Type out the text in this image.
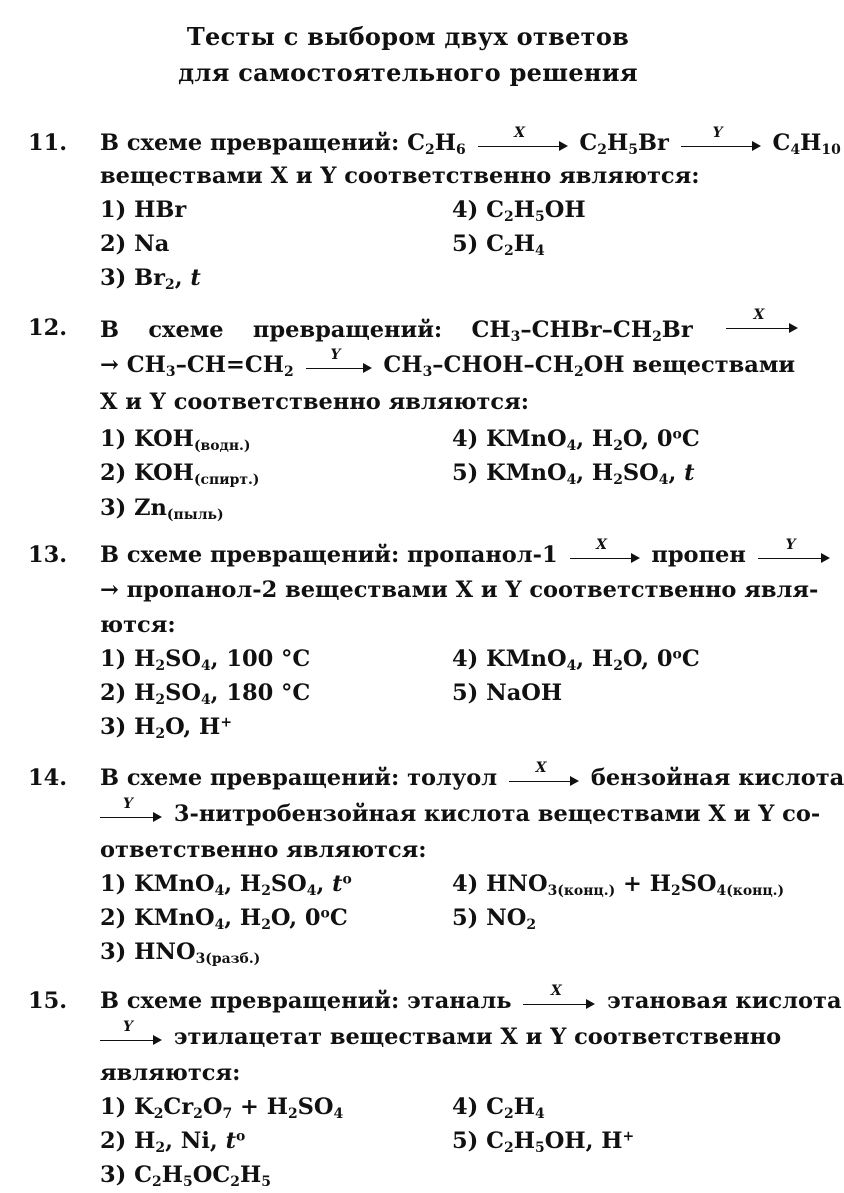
Тесты с выбором двух ответов
для самостоятельного решения
11. В схеме превращений: $C_2H_6$
X	$C_2H_5Br$	Y	$C_4H_{10}$
веществами X и Y соответственно являются:
1) HBr
2) Na
3) $Br_2$, t
4) $C_2H_5OH$
5) $C_2H_4$
12. В схеме превращений: $CH_3-CHBr-CH_2Br$
X
→ $CH_3-CH=CH_2$
Y	$CH_3-CHOH-CH_2OH$ веществами
X и Y соответственно являются:
1) $KOH_{(водн.)}$
2) $KOH_{(спирт.)}$
3) $Zn_{(пыль)}$
4) KMnO$_4$, $H_2O$, 0$^o$C
5) KMnO$_4$, $H_2SO_4$, t
13. В схеме превращений: пропанол-1	X	пропен	Y
→ пропанол-2 веществами X и Y соответственно явля-
ются:
1) $H_2SO_4$, 100 °C
2) $H_2SO_4$, 180 °C
3) $H_2O$, H+
4) KMnO$_4$, $H_2O$, 0$^o$C
5) NaOH
14. В схеме превращений: толуол	X	бензойная кислота
Y	3-нитробензойная кислота веществами X и Y со-
ответственно являются:
1) KMnO$_4$, $H_2SO_4$, $t^o$
2) KMnO$_4$, $H_2O$, 0$^o$C
3) $HNO_{3(разб.)}$
4) $HNO_{3(конц.)} + H_2SO_{4(конц.)}$
5) $NO_2$
15. В схеме превращений: этаналь	X	этановая кислота
Y	этилацетат веществами X и Y соответственно
являются:
1) $K_2Cr_2O_7 + H_2SO_4$
2) $H_2$, Ni, $t^o$
3) $C_2H_5OC_2H_5$
4) $C_2H_4$
5) $C_2H_5OH$, H+
